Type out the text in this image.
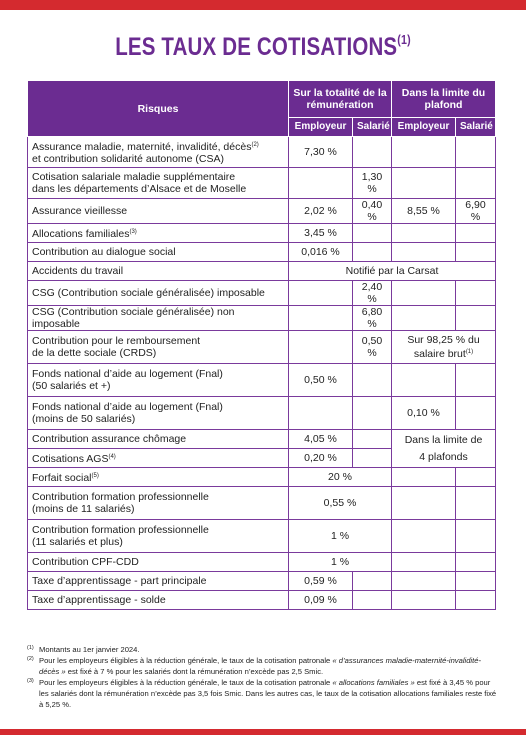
LES TAUX DE COTISATIONS$^{(1)}$
Risques	Sur la totalité de la rémunération		Dans la limite du plafond	
	Employeur	Salarié	Employeur	Salarié
Assurance maladie, maternité, invalidité, décès$^{(2)}$
et contribution solidarité autonome (CSA)	7,30 %			
Cotisation salariale maladie supplémentaire
dans les départements d’Alsace et de Moselle		1,30 %		
Assurance vieillesse	2,02 %	0,40 %	8,55 %	6,90 %
Allocations familiales$^{(3)}$	3,45 %			
Contribution au dialogue social	0,016 %			
Accidents du travail	Notifié par la Carsat			
CSG (Contribution sociale généralisée) imposable		2,40 %		
CSG (Contribution sociale généralisée) non imposable		6,80 %		
Contribution pour le remboursement
de la dette sociale (CRDS)		0,50 %	Sur 98,25 % du
salaire brut$^{(1)}$
Fonds national d’aide au logement (Fnal)
(50 salariés et +)	0,50 %			
Fonds national d’aide au logement (Fnal)
(moins de 50 salariés)			0,10 %	
Contribution assurance chômage	4,05 %		Dans la limite de
4 plafonds	
Cotisations AGS$^{(4)}$	0,20 %			
Forfait social$^{(5)}$	20 %			
Contribution formation professionnelle
(moins de 11 salariés)	0,55 %			
Contribution formation professionnelle
(11 salariés et plus)	1 %			
Contribution CPF-CDD	1 %			
Taxe d’apprentissage - part principale	0,59 %			
Taxe d’apprentissage - solde	0,09 %			
(1) Montants au 1er janvier 2024.
(2) Pour les employeurs éligibles à la réduction générale, le taux de la cotisation patronale « d’assurances maladie-maternité-invalidité-décès » est fixé à 7 % pour les salariés dont la rémunération n’excède pas 2,5 Smic.
(3) Pour les employeurs éligibles à la réduction générale, le taux de la cotisation patronale « allocations familiales » est fixé à 3,45 % pour les salariés dont la rémunération n’excède pas 3,5 fois Smic. Dans les autres cas, le taux de la cotisation allocations familiales reste fixé à 5,25 %.
